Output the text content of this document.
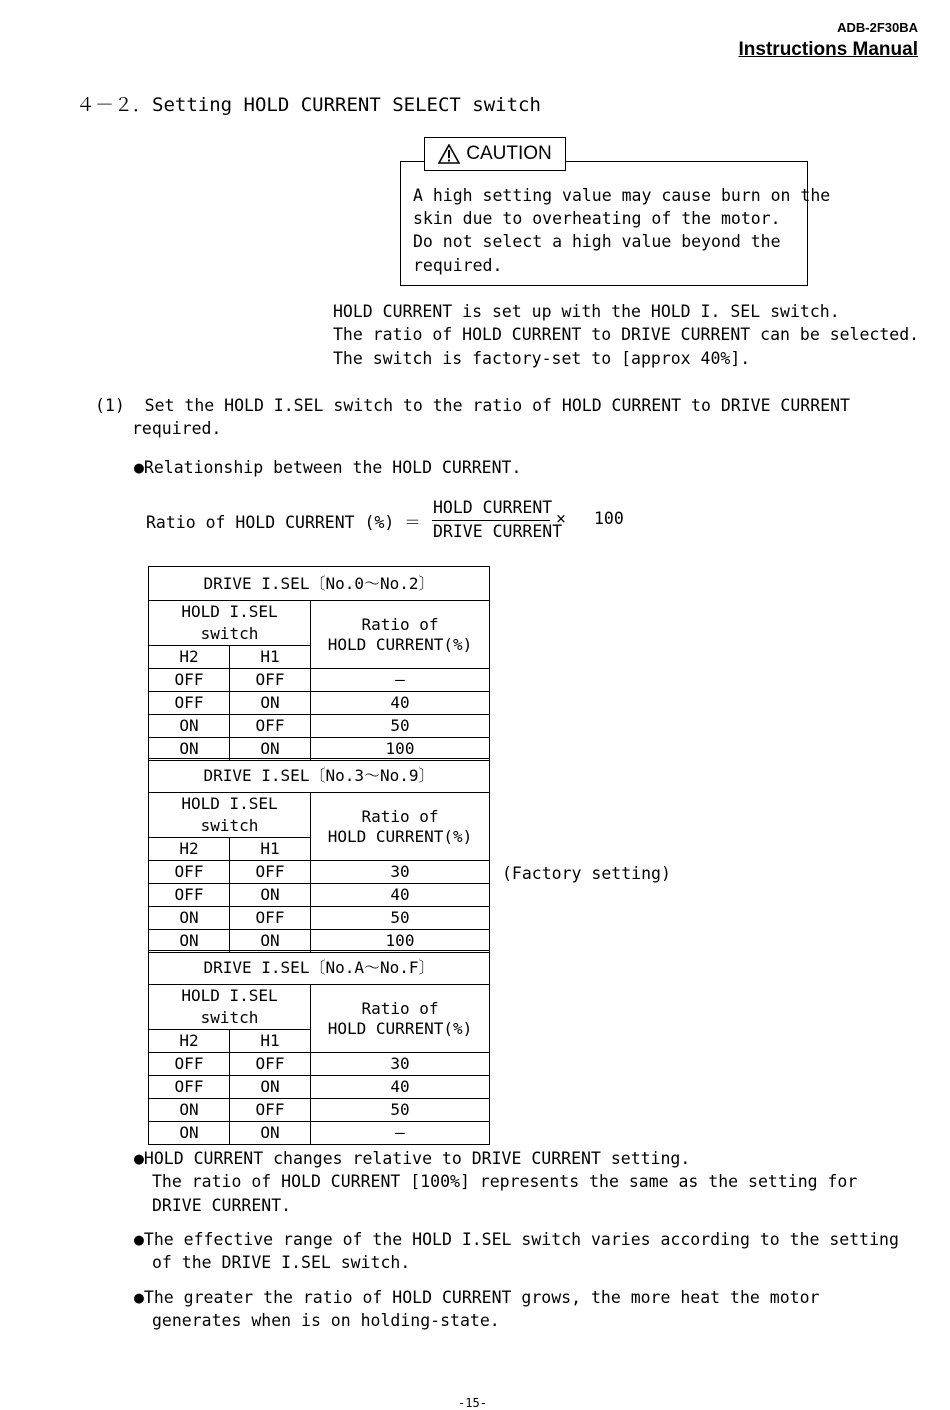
ADB-2F30BA
Instructions Manual
４－２．Setting HOLD CURRENT SELECT switch
CAUTION
A high setting value may cause burn on the
skin due to overheating of the motor.
Do not select a high value beyond the
required.
HOLD CURRENT is set up with the HOLD I. SEL switch.
The ratio of HOLD CURRENT to DRIVE CURRENT can be selected.
The switch is factory-set to [approx 40%].
(1)  Set the HOLD I.SEL switch to the ratio of HOLD CURRENT to DRIVE CURRENT
required.
●Relationship between the HOLD CURRENT.
Ratio of HOLD CURRENT (%) ＝
HOLD CURRENT
DRIVE CURRENT
× 100
DRIVE I.SEL〔No.0～No.2〕		
HOLD I.SEL switch		Ratio of
HOLD CURRENT(%)
H2	H1	
OFF	OFF	—
OFF	ON	40
ON	OFF	50
ON	ON	100
DRIVE I.SEL〔No.3～No.9〕		
HOLD I.SEL switch		Ratio of
HOLD CURRENT(%)
H2	H1	
OFF	OFF	30
OFF	ON	40
ON	OFF	50
ON	ON	100
(Factory setting)
DRIVE I.SEL〔No.A～No.F〕		
HOLD I.SEL switch		Ratio of
HOLD CURRENT(%)
H2	H1	
OFF	OFF	30
OFF	ON	40
ON	OFF	50
ON	ON	—
●HOLD CURRENT changes relative to DRIVE CURRENT setting.
The ratio of HOLD CURRENT [100%] represents the same as the setting for
DRIVE CURRENT.
●The effective range of the HOLD I.SEL switch varies according to the setting
of the DRIVE I.SEL switch.
●The greater the ratio of HOLD CURRENT grows, the more heat the motor
generates when is on holding-state.
-15-
